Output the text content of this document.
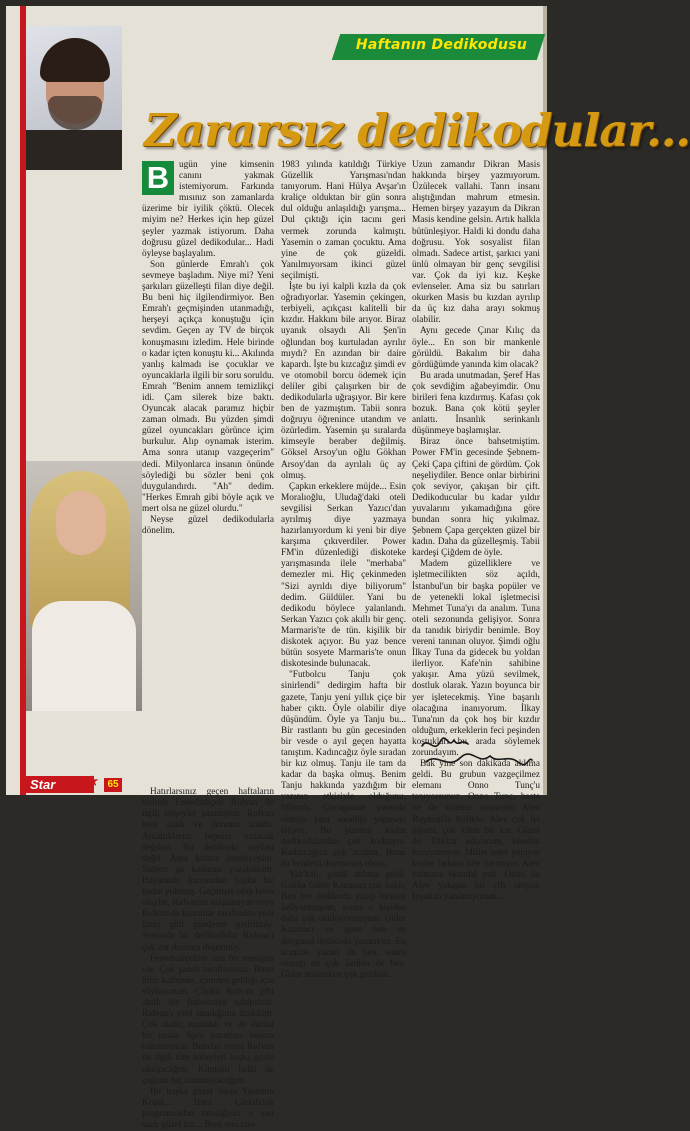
Haftanın Dedikodusu
Zararsız dedikodular...
B	ugün yine kimsenin canını yakmak istemiyorum. Farkında mısınız son zamanlarda üzerime bir iyilik çöktü. Olecek miyim ne? Herkes için hep güzel şeyler yazmak istiyorum. Daha doğrusu güzel dedikodular... Hadi öyleyse başlayalım.

Son günlerde Emrah'ı çok sevmeye başladım. Niye mi? Yeni şarkıları güzelleşti filan diye değil. Bu beni hiç ilgilendirmiyor. Ben Emrah'ı geçmişinden utanmadığı, herşeyi açıkça konuştuğu için sevdim. Geçen ay TV de birçok konuşmasını izledim. Hele birinde o kadar içten konuştu ki... Akılında yanlış kalmadı ise çocuklar ve oyuncaklarla ilgili bir soru soruldu. Emrah "Benim annem temizlikçi idi. Çam silerek bize baktı. Oyuncak alacak paramız hiçbir zaman olmadı. Bu yüzden şimdi güzel oyuncakları görünce içim burkulur. Alıp oynamak isterim. Ama sonra utanıp vazgeçerim" dedi. Milyonlarca insanın önünde söylediği bu sözler beni çok duygulandırdı. "Ah" dedim. "Herkes Emrah gibi böyle açık ve mert olsa ne güzel olurdu."

Neyse güzel dedikodularla dönelim.

Hatırlarsınız geçen haftaların birinde Fenerbahçeli Rıdvan ile ilgili birşeyler yazmıştım. Rıdvan beni aradı ve durumu anlattı. Anlattıklarını hepsini yazacak değilim. Bu dedikodu sayfası değil. Ama kısaca özetleyeyim. Sadece şu kadarını yazabilirim. Hayatında karısından başka bir kadın yokmuş. Geçmişte olup bilen olaylar, Rıdvan'ın ulaşamayan veya Rıdvan'da kanımlar tarafından yeni ilmiş gibi gündeme getirilmiş. Sonunda bu dedikodular Rıdvan'ı çok zor duruma düşürmüş.

Fenerbahçeliler size bir mesajım var. Çok şanslı taraftarsınız. Bunu bilin kalbimle, içimden geldiği için söylüyorum. Çünkü Rıdvan gibi akıllı bir futbolcuya sahipsiniz. Rıdvan'ı yeni tanıdığıma üzüldüm. Çok akıllı, mantıklı ve de dürüst bir insan. Spor yazarları kusura bakmasınlar. Bundan sonra Rıdvan ile ilgili tüm haberleri başka gözle okuyacağım. Kimbilir belki de çoğuna hiç inanmayacağım.

Bir başka güzel insan Yasemin Koşal... Hani Çarkıfelek programından tanıdığınız o sarı saçlı güzel kız... Beni onu tasa

1983 yılında katıldığı Türkiye Güzellik Yarışması'ndan tanıyorum. Hani Hülya Avşar'ın kraliçe olduktan bir gün sonra dul olduğu anlaşıldığı yarışma... Dul çıktığı için tacını geri vermek zorunda kalmıştı. Yasemin o zaman çocuktu. Ama yine de çok güzeldi. Yanılmıyorsam ikinci güzel seçilmişti.

İşte bu iyi kalpli kızla da çok oğradıyorlar. Yasemin çekingen, terbiyeli, açıkçası kalitelli bir kızdır. Hakkını bile arıyor. Biraz uyanık olsaydı Ali Şen'in oğlundan boş kurtuladan ayrılır mıydı? En azından bir daire kapardı. İşte bu kızcağız şimdi ev ve otomobil borcu ödemek için deliler gibi çalışırken bir de dedikodularla uğraşıyor. Bir kere ben de yazmıştım. Tabii sonra doğruyu öğrenince utandım ve özürledim. Yasemin şu sıralarda kimseyle beraber değilmiş. Göksel Arsoy'un oğlu Gökhan Arsoy'dan da ayrılalı üç ay olmuş.

Çapkın erkeklere müjde... Esin Moralıoğlu, Uludağ'daki oteli sevgilisi Serkan Yazıcı'dan ayrılmış diye yazmaya hazırlanıyordum ki yeni bir diye karşıma çıkıverdiler. Power FM'in düzenlediği diskoteke yarışmasında ilele "merhaba" demezler mi. Hiç çekinmeden "Sizi ayrıldı diye biliyorum" dedim. Güldüler. Yani bu dedikodu böylece yalanlandı. Serkan Yazıcı çok akıllı bir genç. Marmaris'te de tün. kişilik bir diskotek açıyor. Bu yaz bence bütün sosyete Marmaris'te onun diskotesinde bulunacak.

"Futbolcu Tanju çok sinirlendi" dedirgim hafta bir gazete, Tanju yeni yıllık çiçe bir haber çıktı. Öyle olabilir diye düşündüm. Öyle ya Tanju bu... Bir rastlantı bu gün gecesinden bir vesde o ayıl geçen hayatta tanıştım. Kadıncağız öyle sıradan bir kız olmuş. Tanju ile tam da kadar da başka olmuş. Benim Tanju hakkında yazdığım bir yazının etkisiyle olduğunu, bilirmiş. Çocugunun yanında olmayı yani anneliği yapmayı istiyor. Bu yüzden kadın dedikodulardan çok korkuyor. Kadıncağıza çok acıdım. Bunu da bendeni duymamış olsun.

Yaz'kalı, şimdi aklıma geldi. Galiba Güler Kazmacı çok haklı. Ben her dedikodu yazıp birisini üzüyormuşum, sonra o kişiden daha çok üzülüyormuşum. Güler Kazmacı ve gene ben en duygusal dedikodu yazarıyım. En acıması yazarı da ben, sonra oturup en çok üzülen de ben. Güler anlatırken çok güldüm.

Uzun zamandır Dikran Masis hakkında birşey yazmıyorum. Üzülecek vallahi. Tanrı insanı alıştığından mahrum etmesin. Hemen birşey yazayım da Dikran Masis kendine gelsin. Artık halkla bütünleşiyor. Haldi ki dondu daha doğrusu. Yok sosyalist filan olmadı. Sadece artist, şarkıcı yani ünlü olmayan bir genç sevgilisi var. Çok da iyi kız. Keşke evlenseler. Ama siz bu satırları okurken Masis bu kızdan ayrılıp da üç kız daha arayı sokmuş olabilir.

Aynı gecede Çınar Kılıç da öyle... En son bir mankenle görüldü. Bakalım bir daha gördüğümde yanında kim olacak?

Bu arada unutmadan, Şeref Has çok sevdiğim ağabeyimdir. Onu birileri fena kızdırmış. Kafası çok bozuk. Bana çok kötü şeyler anlattı. İnsanlık serinkanlı düşünmeye başlamışlar.

Biraz önce bahsetmiştim. Power FM'in gecesinde Şebnem-Çeki Çapa çiftini de gördüm. Çok neşeliydiler. Bence onlar birbirini çok seviyor, çakışan bir çift. Dedikoducular bu kadar yıldır yuvalarını yıkamadığına göre bundan sonra hiç yıkılmaz. Şebnem Çapa gerçekten güzel bir kadın. Daha da güzelleşmiş. Tabii kardeşi Çiğdem de öyle.

Madem güzelliklere ve işletmecilikten söz açıldı, İstanbul'un bir başka popüler ve de yetenekli lokal işletmecisi Mehmet Tuna'yı da analım. Tuna oteli sezonunda gelişiyor. Sonra da tanıdık biriydir benimle. Boy vereni tanınan oluyor. Şimdi oğlu İlkay Tuna da gidecek bu yoldan ilerliyor. Kafe'nin sahibine yakışır. Ama yüzü sevilmek, dostluk olarak. Yazın boyunca bir yer işletecekmiş. Yine başarılı olacağına inanıyorum. İlkay Tuna'nın da çok hoş bir kızdır olduğum, erkeklerin feci peşinden koştukları bu arada söylemek zorundayım.

Bak yine son dakikada aklıma geldi. Bu grubun vazgeçilmez elemanı Onno Tunç'u tanıyorsunuz. Onno Tunç, beste ve de sinema oyuncusu Alev Bayman'la birlikte. Alev çok iyi niyetli, çok kibar bir kız. Güzel de. Dikkat ediyorum, kendini koruyamıyor. Millet neler yapıyor kimse farkına bile varmıyor. Alev yalnızca skandal yok. Onno ile Alev yakışan bir çift oluyor. İnşallah yanılmıyorum...

Star	★ 65
